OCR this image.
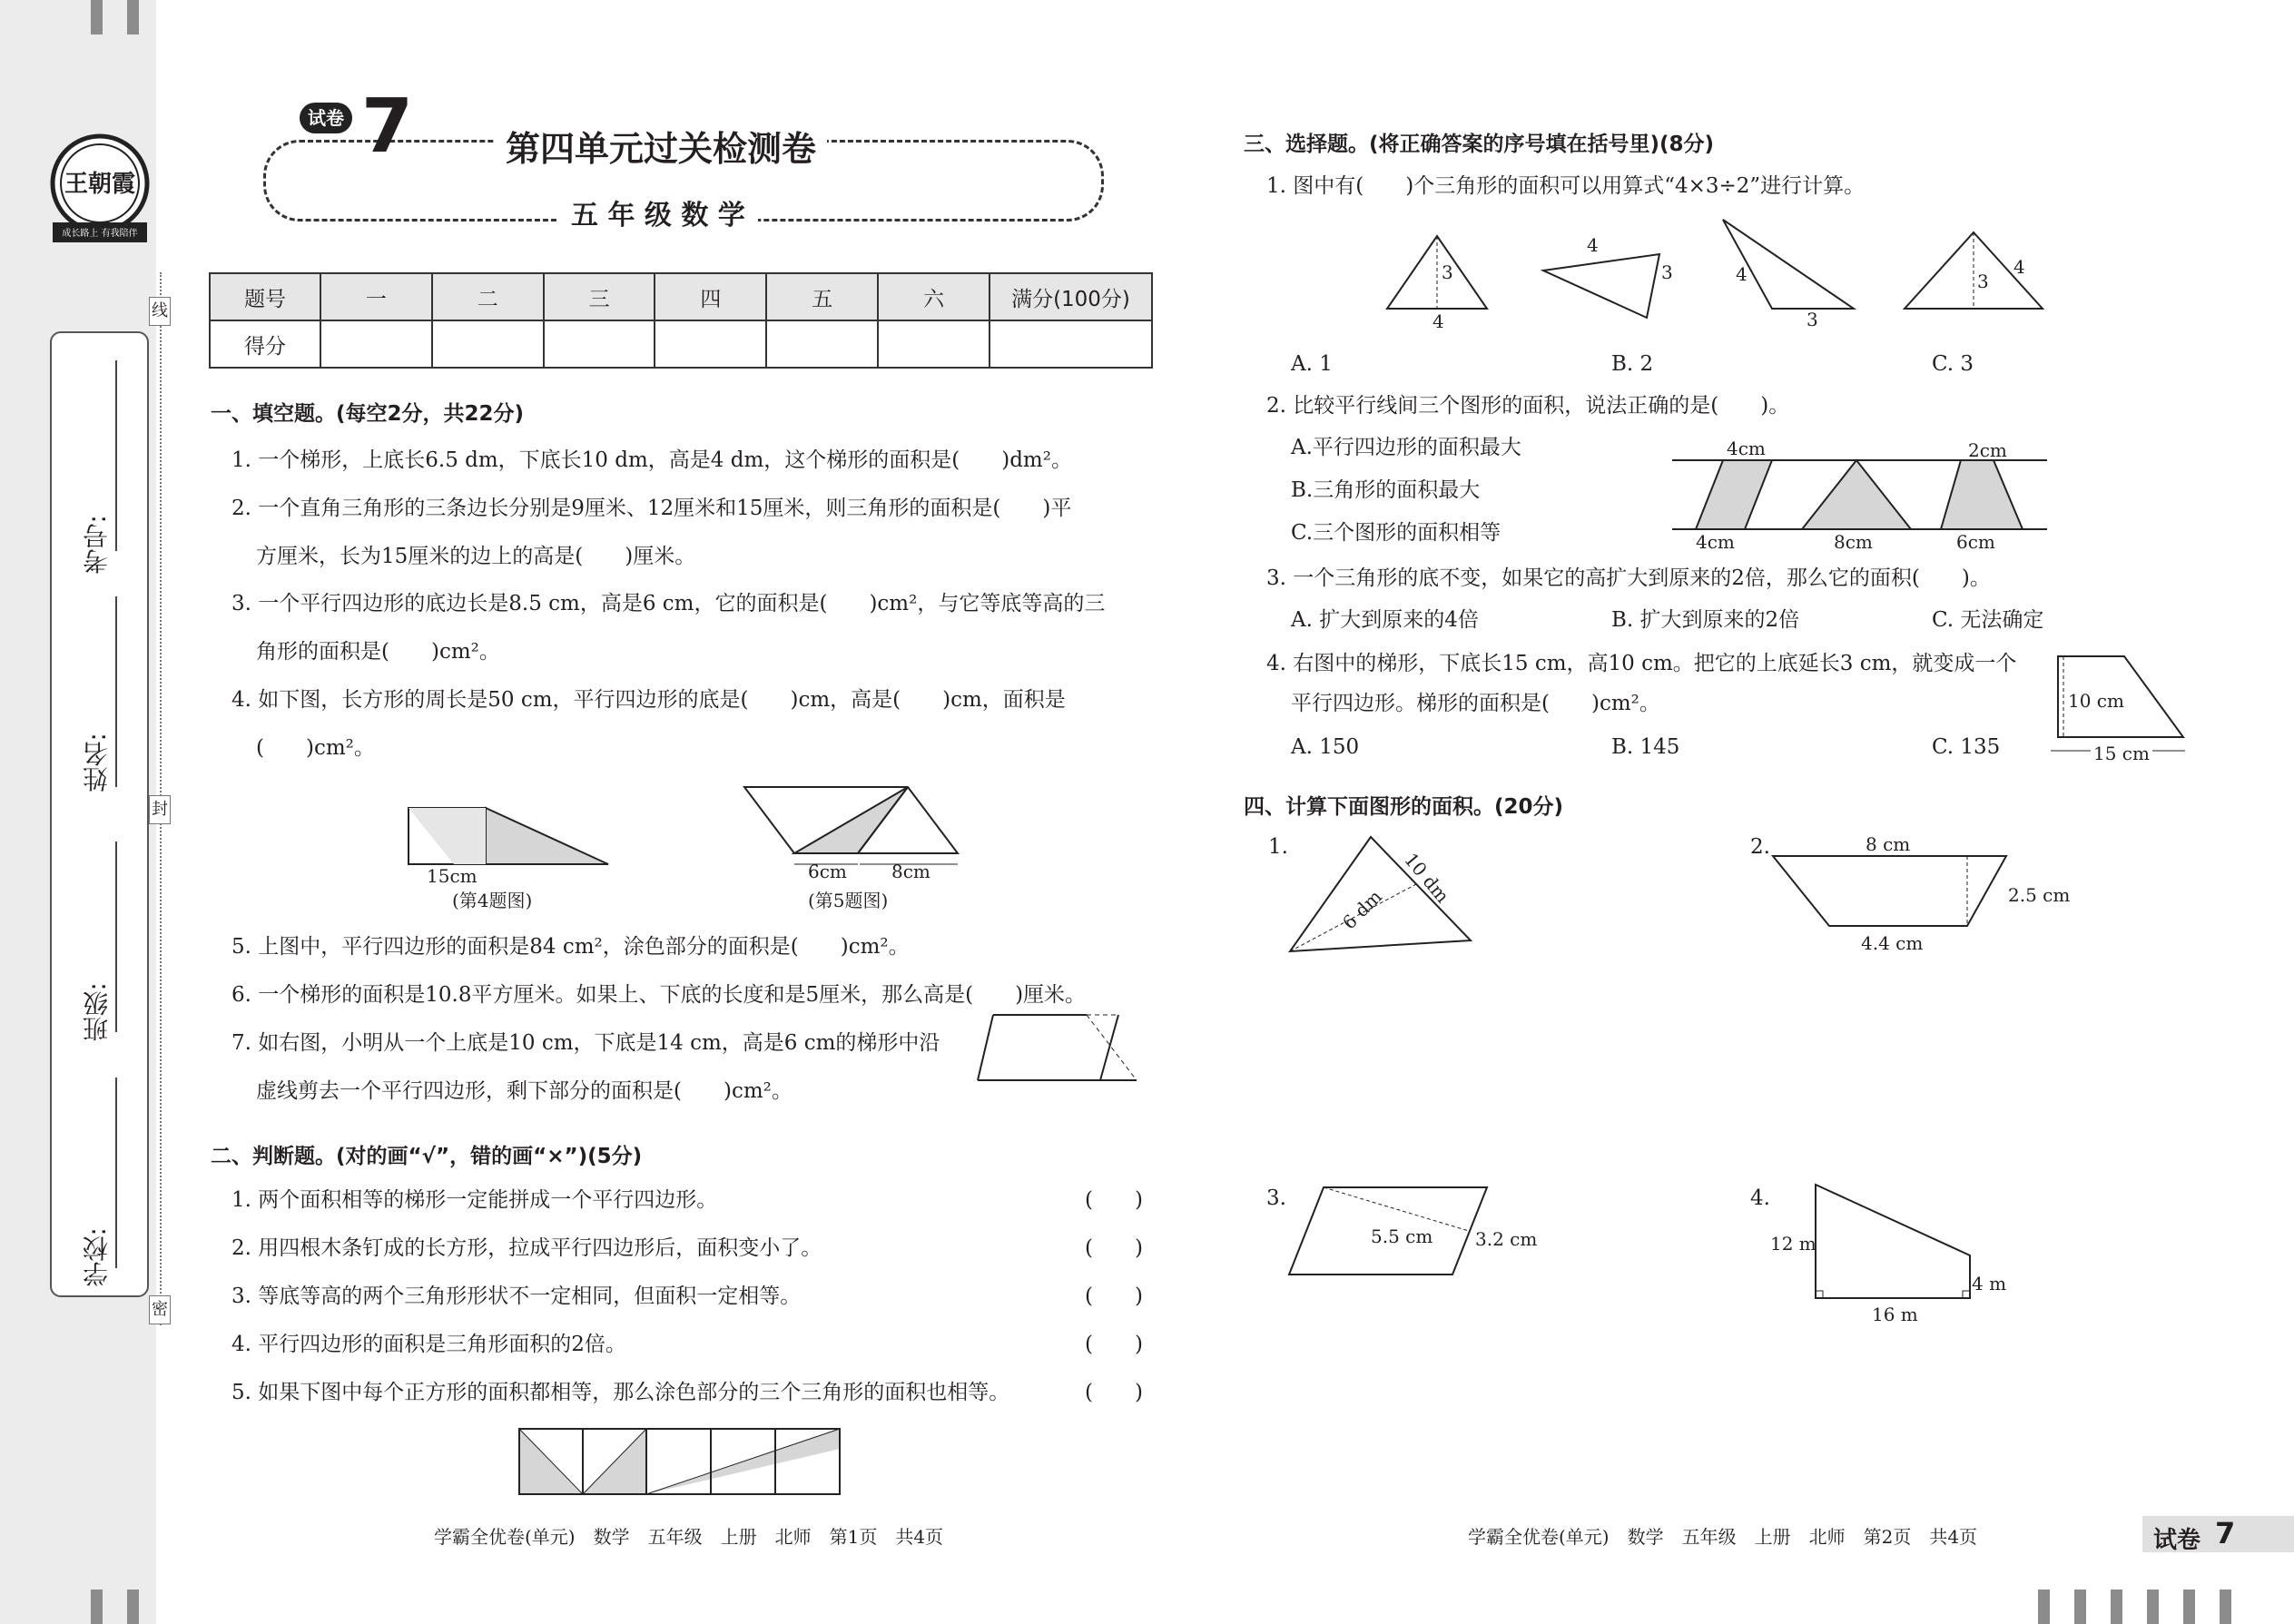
王朝霞
成长路上 有我陪伴
考号:
姓名:
班级:
学校:
线
封
密
试卷 7	第四单元过关检测卷
五 年 级 数 学
题号	一	二	三	四	五	六	满分(100分)
得分							
一、填空题。(每空2分，共22分)
1. 一个梯形，上底长6.5 dm，下底长10 dm，高是4 dm，这个梯形的面积是(　　)dm²。
2. 一个直角三角形的三条边长分别是9厘米、12厘米和15厘米，则三角形的面积是(　　)平
方厘米，长为15厘米的边上的高是(　　)厘米。
3. 一个平行四边形的底边长是8.5 cm，高是6 cm，它的面积是(　　)cm²，与它等底等高的三
角形的面积是(　　)cm²。
4. 如下图，长方形的周长是50 cm，平行四边形的底是(　　)cm，高是(　　)cm，面积是
(　　)cm²。
15cm
(第4题图)
6cm 8cm
(第5题图)
5. 上图中，平行四边形的面积是84 cm²，涂色部分的面积是(　　)cm²。
6. 一个梯形的面积是10.8平方厘米。如果上、下底的长度和是5厘米，那么高是(　　)厘米。
7. 如右图，小明从一个上底是10 cm，下底是14 cm，高是6 cm的梯形中沿
虚线剪去一个平行四边形，剩下部分的面积是(　　)cm²。
二、判断题。(对的画“√”，错的画“×”)(5分)
1. 两个面积相等的梯形一定能拼成一个平行四边形。	(　　)
2. 用四根木条钉成的长方形，拉成平行四边形后，面积变小了。	(　　)
3. 等底等高的两个三角形形状不一定相同，但面积一定相等。	(　　)
4. 平行四边形的面积是三角形面积的2倍。	(　　)
5. 如果下图中每个正方形的面积都相等，那么涂色部分的三个三角形的面积也相等。	(　　)
学霸全优卷(单元)　数学　五年级　上册　北师　第1页　共4页
三、选择题。(将正确答案的序号填在括号里)(8分)
1. 图中有(　　)个三角形的面积可以用算式“4×3÷2”进行计算。
3
4
4
3	4
3
3
4
A. 1	B. 2	C. 3
2. 比较平行线间三个图形的面积，说法正确的是(　　)。
A.平行四边形的面积最大
B.三角形的面积最大
C.三个图形的面积相等
4cm	2cm
4cm	8cm	6cm
3. 一个三角形的底不变，如果它的高扩大到原来的2倍，那么它的面积(　　)。
A. 扩大到原来的4倍	B. 扩大到原来的2倍	C. 无法确定
4. 右图中的梯形，下底长15 cm，高10 cm。把它的上底延长3 cm，就变成一个
平行四边形。梯形的面积是(　　)cm²。
A. 150	B. 145	C. 135
10 cm
15 cm
四、计算下面图形的面积。(20分)
1.
10 dm
6 dm
2.	8 cm
2.5 cm
4.4 cm
3.
5.5 cm 3.2 cm
4.
12 m
4 m
16 m
学霸全优卷(单元)　数学　五年级　上册　北师　第2页　共4页	试卷 7
